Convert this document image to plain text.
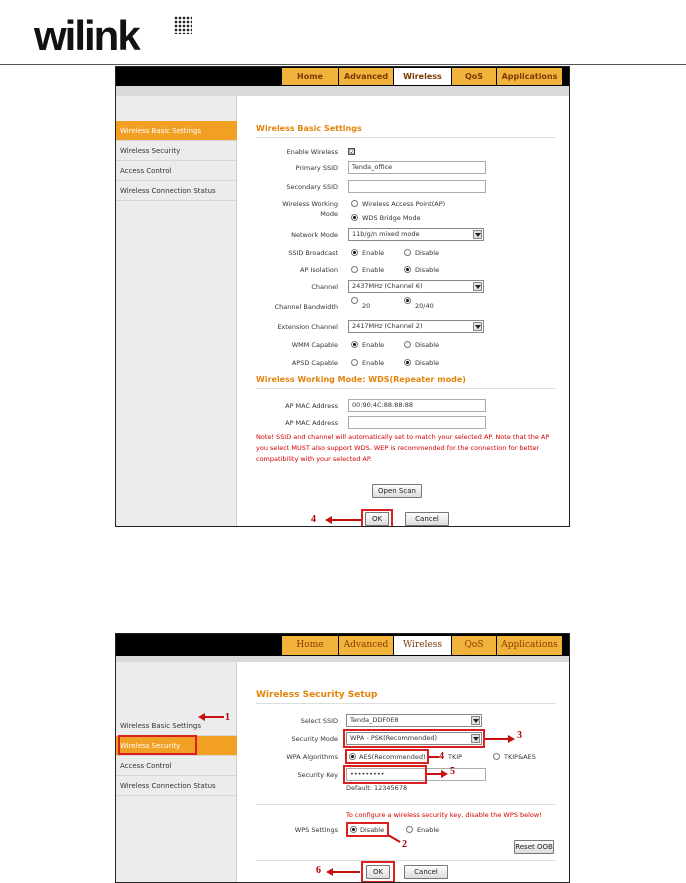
wilink
Home	Advanced	Wireless	QoS	Applications
Wireless Basic Settings
Wireless Security
Access Control
Wireless Connection Status
Wireless Basic Settings
Enable Wireless ☑
Primary SSID	Tenda_office
Secondary SSID
Wireless Working
Mode
Wireless Access Point(AP)
WDS Bridge Mode
Network Mode	11b/g/n mixed mode
SSID Broadcast	Enable	Disable
AP Isolation	Enable	Disable
Channel	2437MHz (Channel 6)
Channel Bandwidth	20	20/40
Extension Channel	2417MHz (Channel 2)
WMM Capable	Enable	Disable
APSD Capable	Enable	Disable
Wireless Working Mode: WDS(Repeater mode)
AP MAC Address	00:90:4C:88:88:88
AP MAC Address
Note! SSID and channel will automatically set to match your selected AP. Note that the AP you select MUST also support WDS. WEP is recommended for the connection for better compatibility with your selected AP.
Open Scan
OK	Cancel
4
Home	Advanced	Wireless	QoS	Applications
Wireless Basic Settings
Wireless Security
Access Control
Wireless Connection Status
1
Wireless Security Setup
Select SSID	Tenda_DDF0E8
Security Mode	WPA - PSK(Recommended)	3
WPA Algorithms	AES(Recommended) 4 TKIP	TKIP&AES
Security Key	•••••••••	5
Default: 12345678
To configure a wireless security key, disable the WPS below!
WPS Settings	Disable	Enable
2	Reset OOB
6	OK	Cancel
